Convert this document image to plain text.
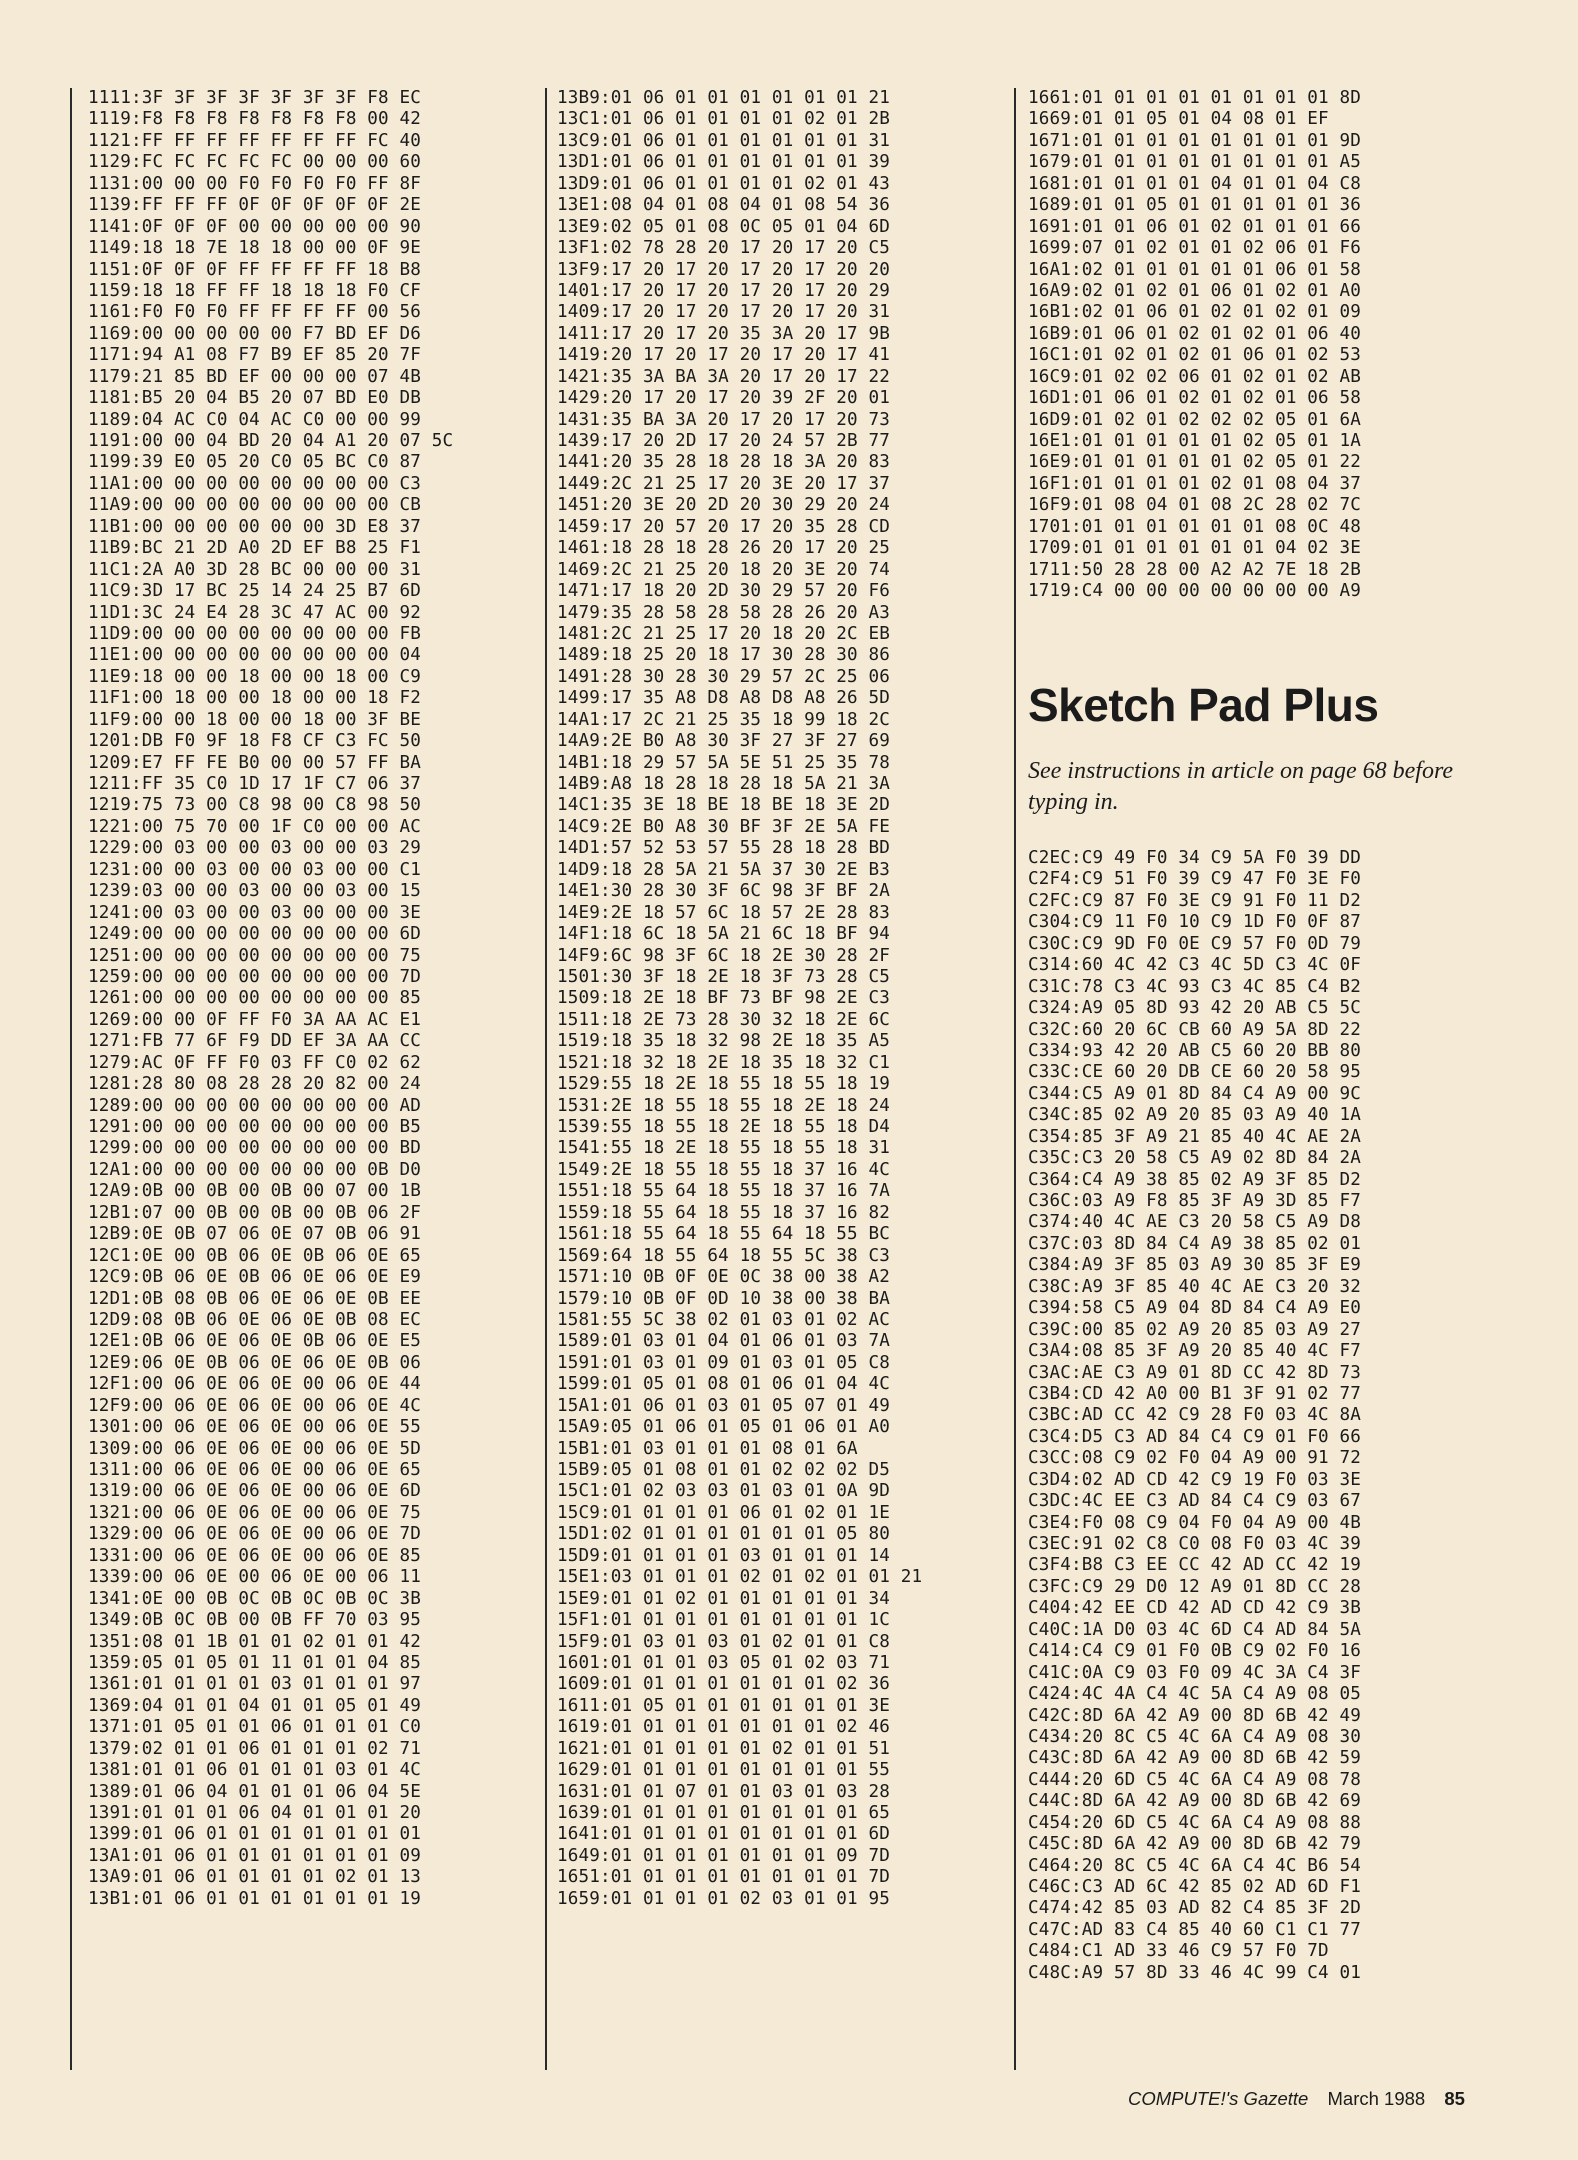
1111:3F 3F 3F 3F 3F 3F 3F F8 EC
1119:F8 F8 F8 F8 F8 F8 F8 00 42
1121:FF FF FF FF FF FF FF FC 40
1129:FC FC FC FC FC 00 00 00 60
1131:00 00 00 F0 F0 F0 F0 FF 8F
1139:FF FF FF 0F 0F 0F 0F 0F 2E
1141:0F 0F 0F 00 00 00 00 00 90
1149:18 18 7E 18 18 00 00 0F 9E
1151:0F 0F 0F FF FF FF FF 18 B8
1159:18 18 FF FF 18 18 18 F0 CF
1161:F0 F0 F0 FF FF FF FF 00 56
1169:00 00 00 00 00 F7 BD EF D6
1171:94 A1 08 F7 B9 EF 85 20 7F
1179:21 85 BD EF 00 00 00 07 4B
1181:B5 20 04 B5 20 07 BD E0 DB
1189:04 AC C0 04 AC C0 00 00 99
1191:00 00 04 BD 20 04 A1 20 07 5C
1199:39 E0 05 20 C0 05 BC C0 87
11A1:00 00 00 00 00 00 00 00 C3
11A9:00 00 00 00 00 00 00 00 CB
11B1:00 00 00 00 00 00 3D E8 37
11B9:BC 21 2D A0 2D EF B8 25 F1
11C1:2A A0 3D 28 BC 00 00 00 31
11C9:3D 17 BC 25 14 24 25 B7 6D
11D1:3C 24 E4 28 3C 47 AC 00 92
11D9:00 00 00 00 00 00 00 00 FB
11E1:00 00 00 00 00 00 00 00 04
11E9:18 00 00 18 00 00 18 00 C9
11F1:00 18 00 00 18 00 00 18 F2
11F9:00 00 18 00 00 18 00 3F BE
1201:DB F0 9F 18 F8 CF C3 FC 50
1209:E7 FF FE B0 00 00 57 FF BA
1211:FF 35 C0 1D 17 1F C7 06 37
1219:75 73 00 C8 98 00 C8 98 50
1221:00 75 70 00 1F C0 00 00 AC
1229:00 03 00 00 03 00 00 03 29
1231:00 00 03 00 00 03 00 00 C1
1239:03 00 00 03 00 00 03 00 15
1241:00 03 00 00 03 00 00 00 3E
1249:00 00 00 00 00 00 00 00 6D
1251:00 00 00 00 00 00 00 00 75
1259:00 00 00 00 00 00 00 00 7D
1261:00 00 00 00 00 00 00 00 85
1269:00 00 0F FF F0 3A AA AC E1
1271:FB 77 6F F9 DD EF 3A AA CC
1279:AC 0F FF F0 03 FF C0 02 62
1281:28 80 08 28 28 20 82 00 24
1289:00 00 00 00 00 00 00 00 AD
1291:00 00 00 00 00 00 00 00 B5
1299:00 00 00 00 00 00 00 00 BD
12A1:00 00 00 00 00 00 00 0B D0
12A9:0B 00 0B 00 0B 00 07 00 1B
12B1:07 00 0B 00 0B 00 0B 06 2F
12B9:0E 0B 07 06 0E 07 0B 06 91
12C1:0E 00 0B 06 0E 0B 06 0E 65
12C9:0B 06 0E 0B 06 0E 06 0E E9
12D1:0B 08 0B 06 0E 06 0E 0B EE
12D9:08 0B 06 0E 06 0E 0B 08 EC
12E1:0B 06 0E 06 0E 0B 06 0E E5
12E9:06 0E 0B 06 0E 06 0E 0B 06
12F1:00 06 0E 06 0E 00 06 0E 44
12F9:00 06 0E 06 0E 00 06 0E 4C
1301:00 06 0E 06 0E 00 06 0E 55
1309:00 06 0E 06 0E 00 06 0E 5D
1311:00 06 0E 06 0E 00 06 0E 65
1319:00 06 0E 06 0E 00 06 0E 6D
1321:00 06 0E 06 0E 00 06 0E 75
1329:00 06 0E 06 0E 00 06 0E 7D
1331:00 06 0E 06 0E 00 06 0E 85
1339:00 06 0E 00 06 0E 00 06 11
1341:0E 00 0B 0C 0B 0C 0B 0C 3B
1349:0B 0C 0B 00 0B FF 70 03 95
1351:08 01 1B 01 01 02 01 01 42
1359:05 01 05 01 11 01 01 04 85
1361:01 01 01 01 03 01 01 01 97
1369:04 01 01 04 01 01 05 01 49
1371:01 05 01 01 06 01 01 01 C0
1379:02 01 01 06 01 01 01 02 71
1381:01 01 06 01 01 01 03 01 4C
1389:01 06 04 01 01 01 06 04 5E
1391:01 01 01 06 04 01 01 01 20
1399:01 06 01 01 01 01 01 01 01
13A1:01 06 01 01 01 01 01 01 09
13A9:01 06 01 01 01 01 02 01 13
13B1:01 06 01 01 01 01 01 01 19
13B9:01 06 01 01 01 01 01 01 21
13C1:01 06 01 01 01 01 02 01 2B
13C9:01 06 01 01 01 01 01 01 31
13D1:01 06 01 01 01 01 01 01 39
13D9:01 06 01 01 01 01 02 01 43
13E1:08 04 01 08 04 01 08 54 36
13E9:02 05 01 08 0C 05 01 04 6D
13F1:02 78 28 20 17 20 17 20 C5
13F9:17 20 17 20 17 20 17 20 20
1401:17 20 17 20 17 20 17 20 29
1409:17 20 17 20 17 20 17 20 31
1411:17 20 17 20 35 3A 20 17 9B
1419:20 17 20 17 20 17 20 17 41
1421:35 3A BA 3A 20 17 20 17 22
1429:20 17 20 17 20 39 2F 20 01
1431:35 BA 3A 20 17 20 17 20 73
1439:17 20 2D 17 20 24 57 2B 77
1441:20 35 28 18 28 18 3A 20 83
1449:2C 21 25 17 20 3E 20 17 37
1451:20 3E 20 2D 20 30 29 20 24
1459:17 20 57 20 17 20 35 28 CD
1461:18 28 18 28 26 20 17 20 25
1469:2C 21 25 20 18 20 3E 20 74
1471:17 18 20 2D 30 29 57 20 F6
1479:35 28 58 28 58 28 26 20 A3
1481:2C 21 25 17 20 18 20 2C EB
1489:18 25 20 18 17 30 28 30 86
1491:28 30 28 30 29 57 2C 25 06
1499:17 35 A8 D8 A8 D8 A8 26 5D
14A1:17 2C 21 25 35 18 99 18 2C
14A9:2E B0 A8 30 3F 27 3F 27 69
14B1:18 29 57 5A 5E 51 25 35 78
14B9:A8 18 28 18 28 18 5A 21 3A
14C1:35 3E 18 BE 18 BE 18 3E 2D
14C9:2E B0 A8 30 BF 3F 2E 5A FE
14D1:57 52 53 57 55 28 18 28 BD
14D9:18 28 5A 21 5A 37 30 2E B3
14E1:30 28 30 3F 6C 98 3F BF 2A
14E9:2E 18 57 6C 18 57 2E 28 83
14F1:18 6C 18 5A 21 6C 18 BF 94
14F9:6C 98 3F 6C 18 2E 30 28 2F
1501:30 3F 18 2E 18 3F 73 28 C5
1509:18 2E 18 BF 73 BF 98 2E C3
1511:18 2E 73 28 30 32 18 2E 6C
1519:18 35 18 32 98 2E 18 35 A5
1521:18 32 18 2E 18 35 18 32 C1
1529:55 18 2E 18 55 18 55 18 19
1531:2E 18 55 18 55 18 2E 18 24
1539:55 18 55 18 2E 18 55 18 D4
1541:55 18 2E 18 55 18 55 18 31
1549:2E 18 55 18 55 18 37 16 4C
1551:18 55 64 18 55 18 37 16 7A
1559:18 55 64 18 55 18 37 16 82
1561:18 55 64 18 55 64 18 55 BC
1569:64 18 55 64 18 55 5C 38 C3
1571:10 0B 0F 0E 0C 38 00 38 A2
1579:10 0B 0F 0D 10 38 00 38 BA
1581:55 5C 38 02 01 03 01 02 AC
1589:01 03 01 04 01 06 01 03 7A
1591:01 03 01 09 01 03 01 05 C8
1599:01 05 01 08 01 06 01 04 4C
15A1:01 06 01 03 01 05 07 01 49
15A9:05 01 06 01 05 01 06 01 A0
15B1:01 03 01 01 01 08 01 6A
15B9:05 01 08 01 01 02 02 02 D5
15C1:01 02 03 03 01 03 01 0A 9D
15C9:01 01 01 01 06 01 02 01 1E
15D1:02 01 01 01 01 01 01 05 80
15D9:01 01 01 01 03 01 01 01 14
15E1:03 01 01 01 02 01 02 01 01 21
15E9:01 01 02 01 01 01 01 01 34
15F1:01 01 01 01 01 01 01 01 1C
15F9:01 03 01 03 01 02 01 01 C8
1601:01 01 01 03 05 01 02 03 71
1609:01 01 01 01 01 01 01 02 36
1611:01 05 01 01 01 01 01 01 3E
1619:01 01 01 01 01 01 01 02 46
1621:01 01 01 01 01 02 01 01 51
1629:01 01 01 01 01 01 01 01 55
1631:01 01 07 01 01 03 01 03 28
1639:01 01 01 01 01 01 01 01 65
1641:01 01 01 01 01 01 01 01 6D
1649:01 01 01 01 01 01 01 09 7D
1651:01 01 01 01 01 01 01 01 7D
1659:01 01 01 01 02 03 01 01 95
1661:01 01 01 01 01 01 01 01 8D
1669:01 01 05 01 04 08 01 EF
1671:01 01 01 01 01 01 01 01 9D
1679:01 01 01 01 01 01 01 01 A5
1681:01 01 01 01 04 01 01 04 C8
1689:01 01 05 01 01 01 01 01 36
1691:01 01 06 01 02 01 01 01 66
1699:07 01 02 01 01 02 06 01 F6
16A1:02 01 01 01 01 01 06 01 58
16A9:02 01 02 01 06 01 02 01 A0
16B1:02 01 06 01 02 01 02 01 09
16B9:01 06 01 02 01 02 01 06 40
16C1:01 02 01 02 01 06 01 02 53
16C9:01 02 02 06 01 02 01 02 AB
16D1:01 06 01 02 01 02 01 06 58
16D9:01 02 01 02 02 02 05 01 6A
16E1:01 01 01 01 01 02 05 01 1A
16E9:01 01 01 01 01 02 05 01 22
16F1:01 01 01 01 02 01 08 04 37
16F9:01 08 04 01 08 2C 28 02 7C
1701:01 01 01 01 01 01 08 0C 48
1709:01 01 01 01 01 01 04 02 3E
1711:50 28 28 00 A2 A2 7E 18 2B
1719:C4 00 00 00 00 00 00 00 A9
Sketch Pad Plus
See instructions in article on page 68 before typing in.
C2EC:C9 49 F0 34 C9 5A F0 39 DD
C2F4:C9 51 F0 39 C9 47 F0 3E F0
C2FC:C9 87 F0 3E C9 91 F0 11 D2
C304:C9 11 F0 10 C9 1D F0 0F 87
C30C:C9 9D F0 0E C9 57 F0 0D 79
C314:60 4C 42 C3 4C 5D C3 4C 0F
C31C:78 C3 4C 93 C3 4C 85 C4 B2
C324:A9 05 8D 93 42 20 AB C5 5C
C32C:60 20 6C CB 60 A9 5A 8D 22
C334:93 42 20 AB C5 60 20 BB 80
C33C:CE 60 20 DB CE 60 20 58 95
C344:C5 A9 01 8D 84 C4 A9 00 9C
C34C:85 02 A9 20 85 03 A9 40 1A
C354:85 3F A9 21 85 40 4C AE 2A
C35C:C3 20 58 C5 A9 02 8D 84 2A
C364:C4 A9 38 85 02 A9 3F 85 D2
C36C:03 A9 F8 85 3F A9 3D 85 F7
C374:40 4C AE C3 20 58 C5 A9 D8
C37C:03 8D 84 C4 A9 38 85 02 01
C384:A9 3F 85 03 A9 30 85 3F E9
C38C:A9 3F 85 40 4C AE C3 20 32
C394:58 C5 A9 04 8D 84 C4 A9 E0
C39C:00 85 02 A9 20 85 03 A9 27
C3A4:08 85 3F A9 20 85 40 4C F7
C3AC:AE C3 A9 01 8D CC 42 8D 73
C3B4:CD 42 A0 00 B1 3F 91 02 77
C3BC:AD CC 42 C9 28 F0 03 4C 8A
C3C4:D5 C3 AD 84 C4 C9 01 F0 66
C3CC:08 C9 02 F0 04 A9 00 91 72
C3D4:02 AD CD 42 C9 19 F0 03 3E
C3DC:4C EE C3 AD 84 C4 C9 03 67
C3E4:F0 08 C9 04 F0 04 A9 00 4B
C3EC:91 02 C8 C0 08 F0 03 4C 39
C3F4:B8 C3 EE CC 42 AD CC 42 19
C3FC:C9 29 D0 12 A9 01 8D CC 28
C404:42 EE CD 42 AD CD 42 C9 3B
C40C:1A D0 03 4C 6D C4 AD 84 5A
C414:C4 C9 01 F0 0B C9 02 F0 16
C41C:0A C9 03 F0 09 4C 3A C4 3F
C424:4C 4A C4 4C 5A C4 A9 08 05
C42C:8D 6A 42 A9 00 8D 6B 42 49
C434:20 8C C5 4C 6A C4 A9 08 30
C43C:8D 6A 42 A9 00 8D 6B 42 59
C444:20 6D C5 4C 6A C4 A9 08 78
C44C:8D 6A 42 A9 00 8D 6B 42 69
C454:20 6D C5 4C 6A C4 A9 08 88
C45C:8D 6A 42 A9 00 8D 6B 42 79
C464:20 8C C5 4C 6A C4 4C B6 54
C46C:C3 AD 6C 42 85 02 AD 6D F1
C474:42 85 03 AD 82 C4 85 3F 2D
C47C:AD 83 C4 85 40 60 C1 C1 77
C484:C1 AD 33 46 C9 57 F0 7D
C48C:A9 57 8D 33 46 4C 99 C4 01
COMPUTE!'s Gazette March 1988 85
